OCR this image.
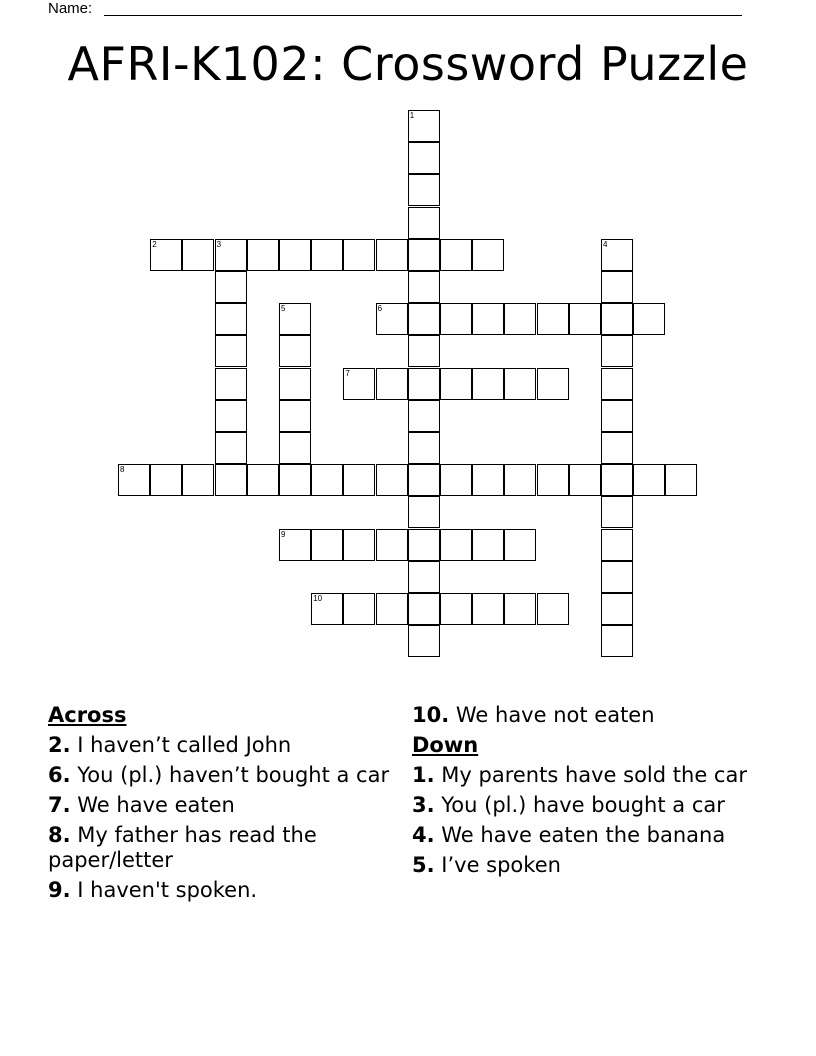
Name:
AFRI-K102: Crossword Puzzle
1
2	3	4
5	6
7
8
9
10
Across
2. I haven’t called John
6. You (pl.) haven’t bought a car
7. We have eaten
8. My father has read the paper/letter
9. I haven't spoken.
10. We have not eaten
Down
1. My parents have sold the car
3. You (pl.) have bought a car
4. We have eaten the banana
5. I’ve spoken
